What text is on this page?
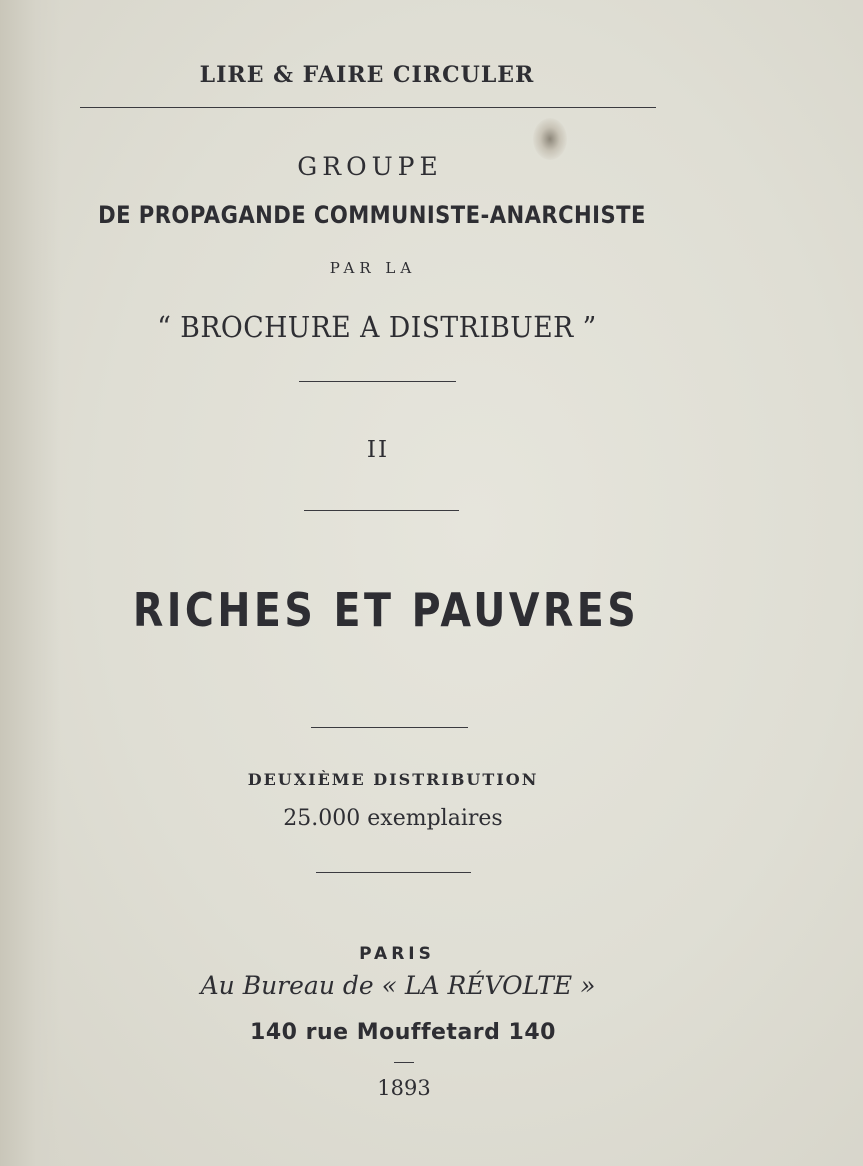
LIRE & FAIRE CIRCULER
GROUPE
DE PROPAGANDE COMMUNISTE-ANARCHISTE
PAR LA
“ BROCHURE A DISTRIBUER ”
II
RICHES ET PAUVRES
DEUXIÈME DISTRIBUTION
25.000 exemplaires
PARIS
Au Bureau de « LA RÉVOLTE »
140 rue Mouffetard 140
1893
